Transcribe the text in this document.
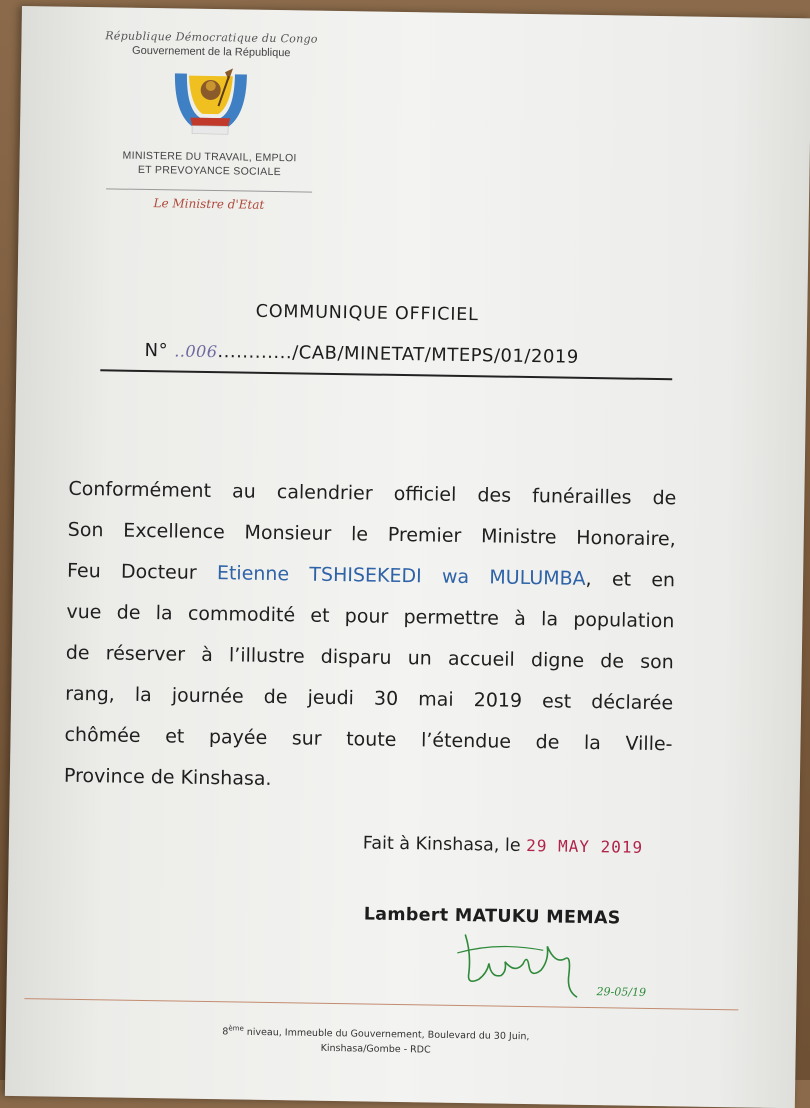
République Démocratique du Congo
Gouvernement de la République
MINISTERE DU TRAVAIL, EMPLOI
ET PREVOYANCE SOCIALE
Le Ministre d'Etat
COMMUNIQUE OFFICIEL
N° ..006............/CAB/MINETAT/MTEPS/01/2019
Conformément au calendrier officiel des funérailles de
Son Excellence Monsieur le Premier Ministre Honoraire,
Feu Docteur Etienne TSHISEKEDI wa MULUMBA, et en
vue de la commodité et pour permettre à la population
de réserver à l’illustre disparu un accueil digne de son
rang, la journée de jeudi 30 mai 2019 est déclarée
chômée et payée sur toute l’étendue de la Ville-
Province de Kinshasa.
Fait à Kinshasa, le 29 MAY 2019
Lambert MATUKU MEMAS
29-05/19
8ème niveau, Immeuble du Gouvernement, Boulevard du 30 Juin,
Kinshasa/Gombe - RDC
